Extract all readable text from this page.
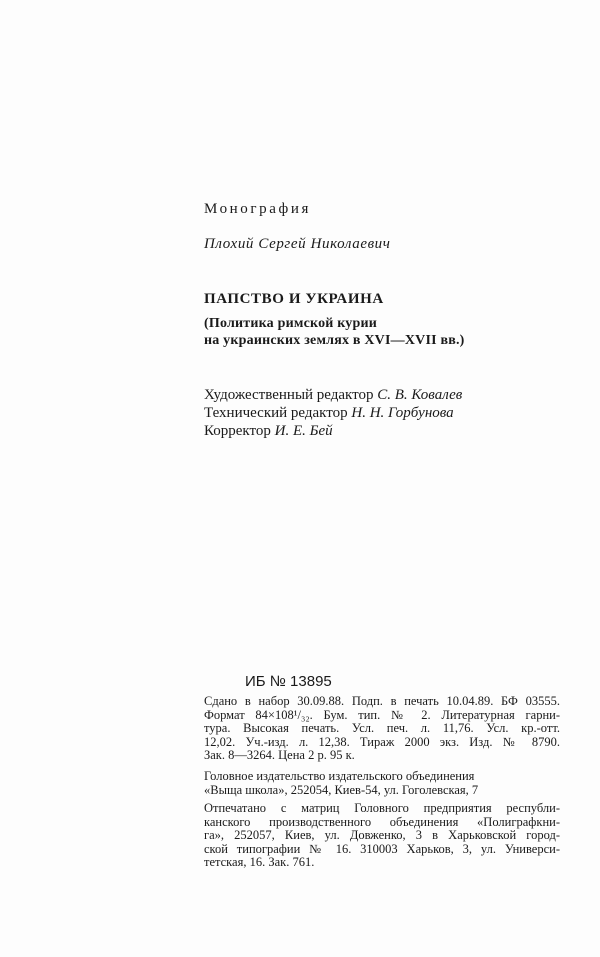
Монография
Плохий Сергей Николаевич
ПАПСТВО И УКРАИНА
(Политика римской курии
на украинских землях в XVI—XVII вв.)
Художественный редактор С. В. Ковалев
Технический редактор Н. Н. Горбунова
Корректор И. Е. Бей
ИБ № 13895
Сдано в набор 30.09.88. Подп. в печать 10.04.89. БФ 03555.
Формат 84×108¹/₃₂. Бум. тип. № 2. Литературная гарни-
тура. Высокая печать. Усл. печ. л. 11,76. Усл. кр.-отт.
12,02. Уч.-изд. л. 12,38. Тираж 2000 экз. Изд. № 8790.
Зак. 8—3264. Цена 2 р. 95 к.
Головное издательство издательского объединения
«Выща школа», 252054, Киев-54, ул. Гоголевская, 7
Отпечатано с матриц Головного предприятия республи-
канского производственного объединения «Полиграфкни-
га», 252057, Киев, ул. Довженко, 3 в Харьковской город-
ской типографии № 16. 310003 Харьков, 3, ул. Универси-
тетская, 16. Зак. 761.
